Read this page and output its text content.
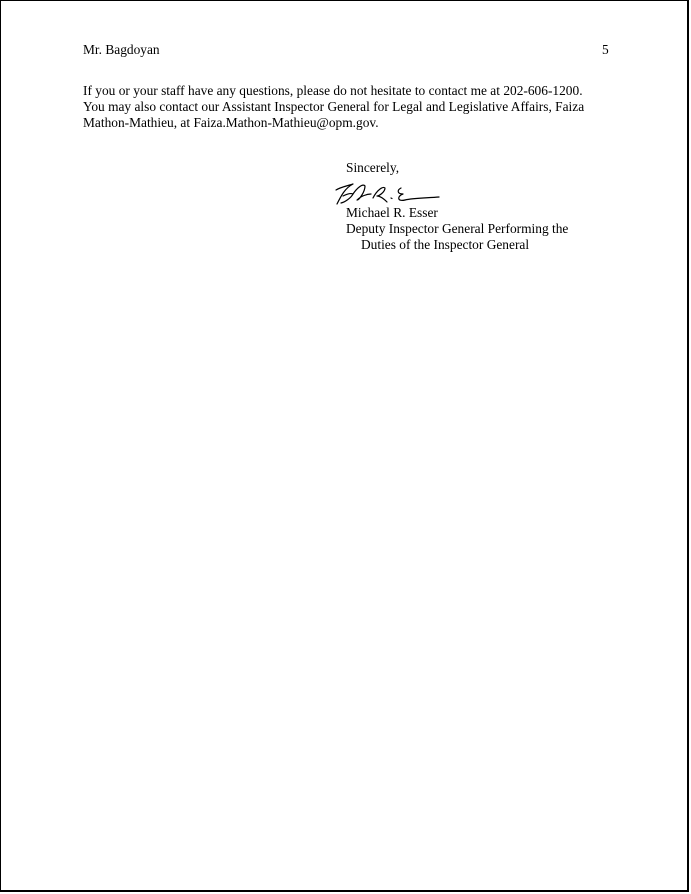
Mr. Bagdoyan	5
If you or your staff have any questions, please do not hesitate to contact me at 202-606-1200.
You may also contact our Assistant Inspector General for Legal and Legislative Affairs, Faiza
Mathon-Mathieu, at Faiza.Mathon-Mathieu@opm.gov.
Sincerely,
Michael R. Esser
Deputy Inspector General Performing the
Duties of the Inspector General
